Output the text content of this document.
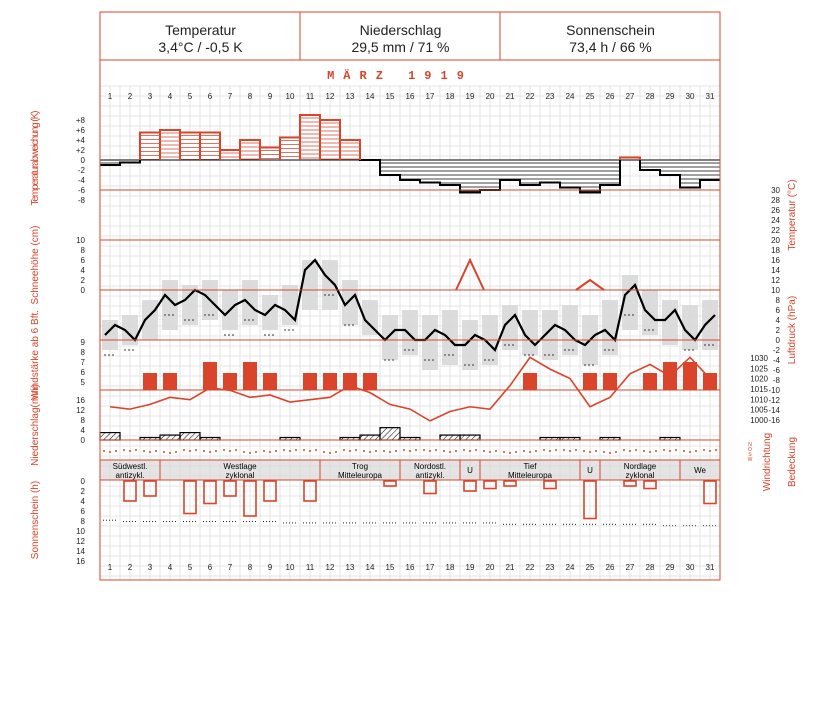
Temperatur
3,4°C / -0,5 K
Niederschlag
29,5 mm / 71 %
Sonnenschein
73,4 h / 66 %
MÄRZ 1919
1
1
2
2
3
3
4
4
5
5
6
6
7
7
8
8
9
9
10
10
11
11
12
12
13
13
14
14
15
15
16
16
17
17
18
18
19
19
20
20
21
21
22
22
23
23
24
24
25
25
26
26
27
27
28
28
29
29
30
30
31
31
+8
+6
+4
+2
0
-2
-4
-6
-8
Temperaturabweichung (K)
10
8
6
4
2
0
Schneehöhe (cm)
30
28
26
24
22
20
18
16
14
12
10
8
6
4
2
0
-2
-4
-6
-8
-10
-12
-14
-16
Temperatur (°C)
9
8
7
6
5
Windstärke ab 6 Bft.	1030
1025
1020
1015
1010
1005
1000
Luftdruck (hPa)
16
12
8
4
0
Niederschlag(mm)	N
O
S
W Windrichtung Bedeckung
Südwestl.
antizykl.
Westlage
zyklonal
Trog
Mitteleuropa
Nordostl.
antizykl.
U	Tief
Mitteleuropa
U	Nordlage
zyklonal
We
0
2
4
6
8
10
12
14
16
Sonnenschein (h)
